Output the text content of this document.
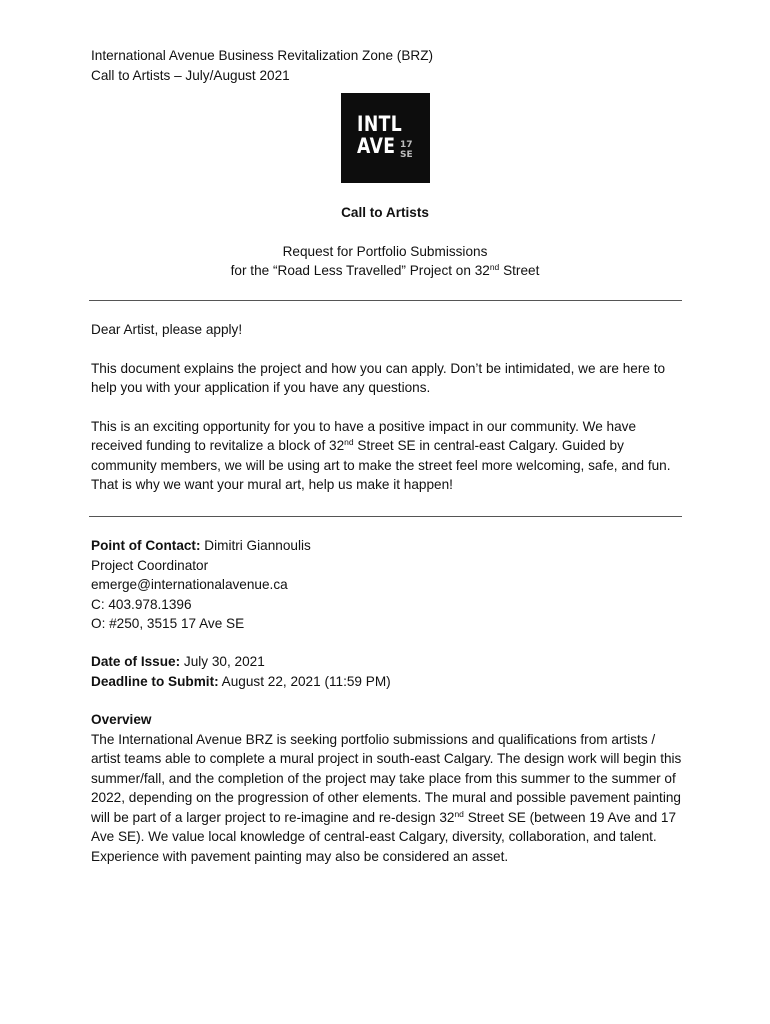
International Avenue Business Revitalization Zone (BRZ)

Call to Artists – July/August 2021

INTL
AVE 17
SE

Call to Artists

Request for Portfolio Submissions

for the “Road Less Travelled” Project on 32nd Street

Dear Artist, please apply!

This document explains the project and how you can apply. Don’t be intimidated, we are here to help you with your application if you have any questions.

This is an exciting opportunity for you to have a positive impact in our community. We have received funding to revitalize a block of 32nd Street SE in central-east Calgary. Guided by community members, we will be using art to make the street feel more welcoming, safe, and fun. That is why we want your mural art, help us make it happen!

Point of Contact: Dimitri Giannoulis

Project Coordinator

emerge@internationalavenue.ca

C: 403.978.1396

O: #250, 3515 17 Ave SE

Date of Issue: July 30, 2021

Deadline to Submit: August 22, 2021 (11:59 PM)

Overview

The International Avenue BRZ is seeking portfolio submissions and qualifications from artists / artist teams able to complete a mural project in south-east Calgary. The design work will begin this summer/fall, and the completion of the project may take place from this summer to the summer of 2022, depending on the progression of other elements. The mural and possible pavement painting will be part of a larger project to re-imagine and re-design 32nd Street SE (between 19 Ave and 17 Ave SE). We value local knowledge of central-east Calgary, diversity, collaboration, and talent. Experience with pavement painting may also be considered an asset.
